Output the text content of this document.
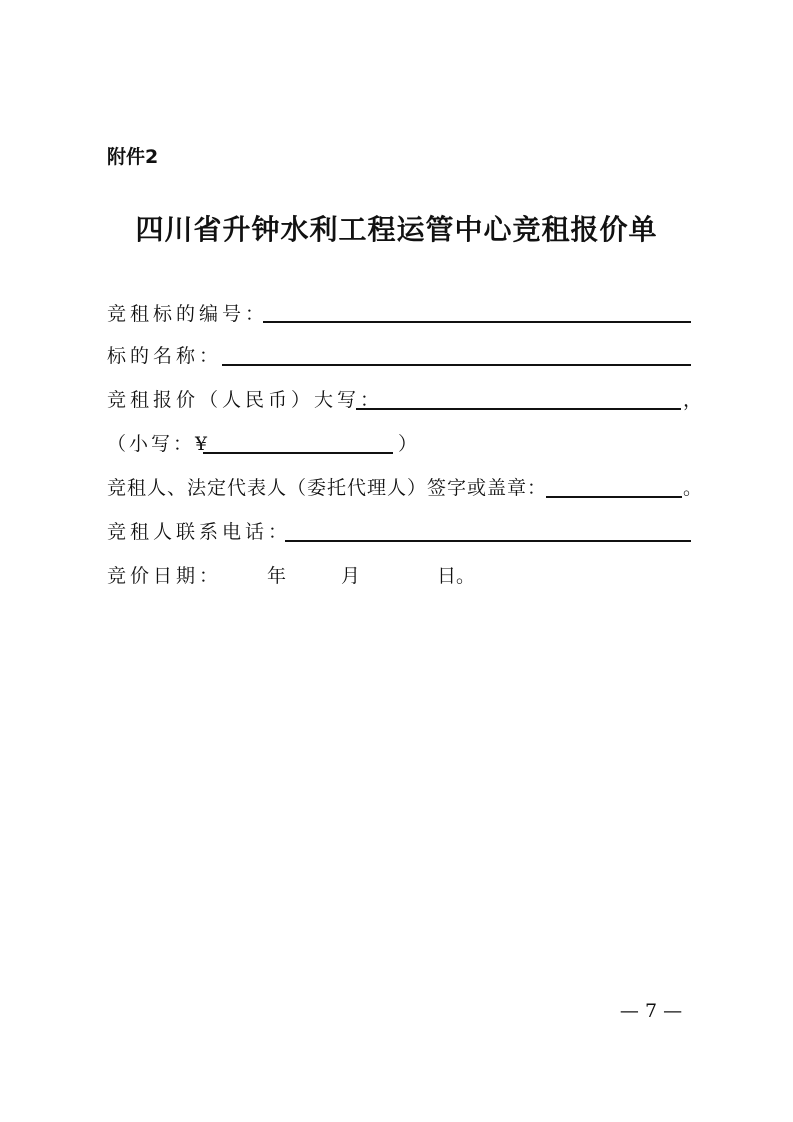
附件2
四川省升钟水利工程运管中心竞租报价单
竞租标的编号：
标的名称：
竞租报价（人民币）大写：	，
（小写：¥	）
竞租人、法定代表人（委托代理人）签字或盖章：	。
竞租人联系电话：
竞价日期： 年	月	日。
— 7 —
